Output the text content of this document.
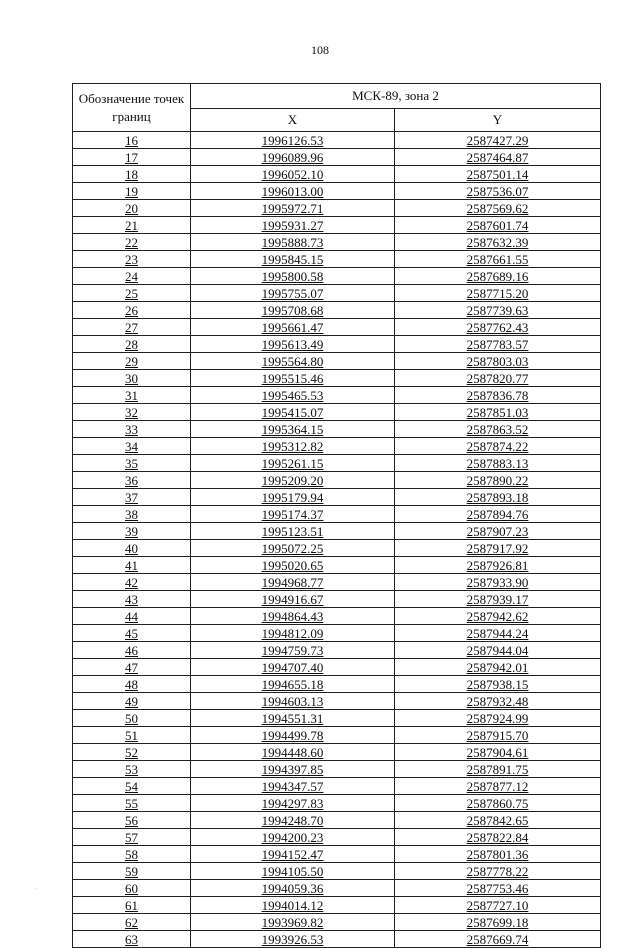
108
Обозначение точек границ	МСК-89, зона 2	
	X	Y
16	1996126.53	2587427.29
17	1996089.96	2587464.87
18	1996052.10	2587501.14
19	1996013.00	2587536.07
20	1995972.71	2587569.62
21	1995931.27	2587601.74
22	1995888.73	2587632.39
23	1995845.15	2587661.55
24	1995800.58	2587689.16
25	1995755.07	2587715.20
26	1995708.68	2587739.63
27	1995661.47	2587762.43
28	1995613.49	2587783.57
29	1995564.80	2587803.03
30	1995515.46	2587820.77
31	1995465.53	2587836.78
32	1995415.07	2587851.03
33	1995364.15	2587863.52
34	1995312.82	2587874.22
35	1995261.15	2587883.13
36	1995209.20	2587890.22
37	1995179.94	2587893.18
38	1995174.37	2587894.76
39	1995123.51	2587907.23
40	1995072.25	2587917.92
41	1995020.65	2587926.81
42	1994968.77	2587933.90
43	1994916.67	2587939.17
44	1994864.43	2587942.62
45	1994812.09	2587944.24
46	1994759.73	2587944.04
47	1994707.40	2587942.01
48	1994655.18	2587938.15
49	1994603.13	2587932.48
50	1994551.31	2587924.99
51	1994499.78	2587915.70
52	1994448.60	2587904.61
53	1994397.85	2587891.75
54	1994347.57	2587877.12
55	1994297.83	2587860.75
56	1994248.70	2587842.65
57	1994200.23	2587822.84
58	1994152.47	2587801.36
59	1994105.50	2587778.22
60	1994059.36	2587753.46
61	1994014.12	2587727.10
62	1993969.82	2587699.18
63	1993926.53	2587669.74
.
